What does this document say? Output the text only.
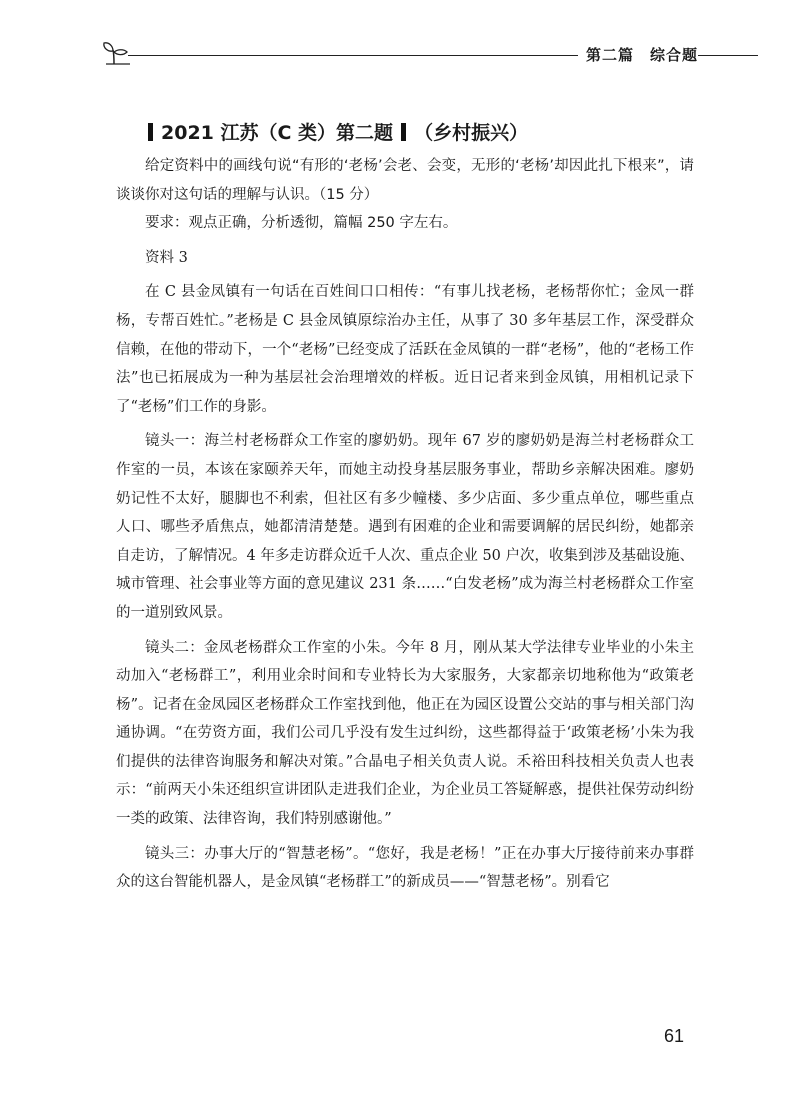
第二篇 综合题
2021 江苏（C 类）第二题 （乡村振兴）

给定资料中的画线句说“有形的‘老杨’会老、会变，无形的‘老杨’却因此扎下根来”，请谈谈你对这句话的理解与认识。（15 分）

要求：观点正确，分析透彻，篇幅 250 字左右。

资料 3

在 C 县金凤镇有一句话在百姓间口口相传：“有事儿找老杨，老杨帮你忙；金凤一群杨，专帮百姓忙。”老杨是 C 县金凤镇原综治办主任，从事了 30 多年基层工作，深受群众信赖，在他的带动下，一个“老杨”已经变成了活跃在金凤镇的一群“老杨”，他的“老杨工作法”也已拓展成为一种为基层社会治理增效的样板。近日记者来到金凤镇，用相机记录下了“老杨”们工作的身影。

镜头一：海兰村老杨群众工作室的廖奶奶。现年 67 岁的廖奶奶是海兰村老杨群众工作室的一员，本该在家颐养天年，而她主动投身基层服务事业，帮助乡亲解决困难。廖奶奶记性不太好，腿脚也不利索，但社区有多少幢楼、多少店面、多少重点单位，哪些重点人口、哪些矛盾焦点，她都清清楚楚。遇到有困难的企业和需要调解的居民纠纷，她都亲自走访，了解情况。4 年多走访群众近千人次、重点企业 50 户次，收集到涉及基础设施、城市管理、社会事业等方面的意见建议 231 条……“白发老杨”成为海兰村老杨群众工作室的一道别致风景。

镜头二：金凤老杨群众工作室的小朱。今年 8 月，刚从某大学法律专业毕业的小朱主动加入“老杨群工”，利用业余时间和专业特长为大家服务，大家都亲切地称他为“政策老杨”。记者在金凤园区老杨群众工作室找到他，他正在为园区设置公交站的事与相关部门沟通协调。“在劳资方面，我们公司几乎没有发生过纠纷，这些都得益于‘政策老杨’小朱为我们提供的法律咨询服务和解决对策。”合晶电子相关负责人说。禾裕田科技相关负责人也表示：“前两天小朱还组织宣讲团队走进我们企业，为企业员工答疑解惑，提供社保劳动纠纷一类的政策、法律咨询，我们特别感谢他。”

镜头三：办事大厅的“智慧老杨”。“您好，我是老杨！”正在办事大厅接待前来办事群众的这台智能机器人，是金凤镇“老杨群工”的新成员——“智慧老杨”。别看它

61
